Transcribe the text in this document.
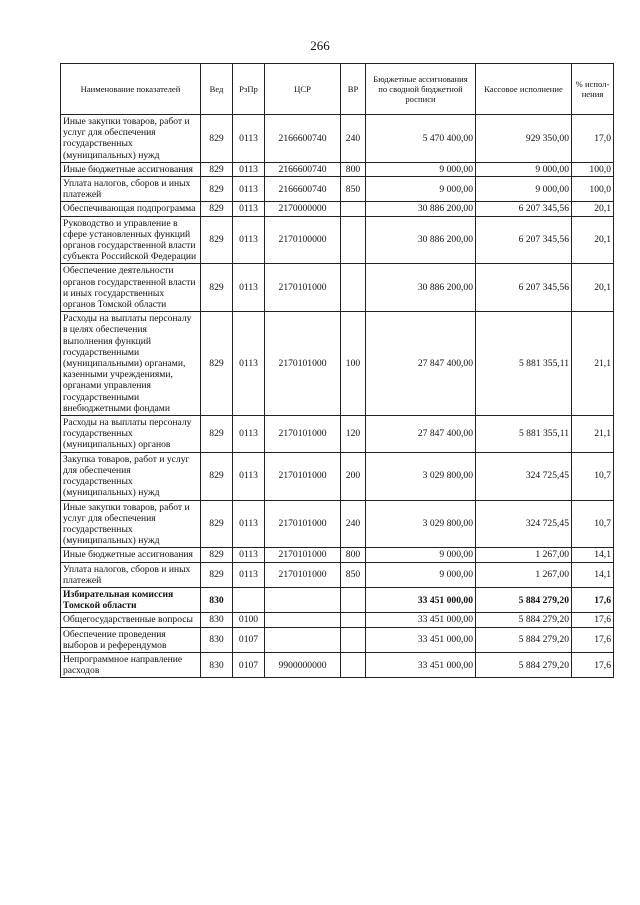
266
Наименование показателей	Вед	РзПр	ЦСР	ВР	Бюджетные ассигнования по сводной бюджетной росписи	Кассовое исполнение	% испол-нения
Иные закупки товаров, работ и услуг для обеспечения государственных (муниципальных) нужд	829	0113	2166600740	240	5 470 400,00	929 350,00	17,0
Иные бюджетные ассигнования	829	0113	2166600740	800	9 000,00	9 000,00	100,0
Уплата налогов, сборов и иных платежей	829	0113	2166600740	850	9 000,00	9 000,00	100,0
Обеспечивающая подпрограмма	829	0113	2170000000		30 886 200,00	6 207 345,56	20,1
Руководство и управление в сфере установленных функций органов государственной власти субъекта Российской Федерации	829	0113	2170100000		30 886 200,00	6 207 345,56	20,1
Обеспечение деятельности органов государственной власти и иных государственных органов Томской области	829	0113	2170101000		30 886 200,00	6 207 345,56	20,1
Расходы на выплаты персоналу в целях обеспечения выполнения функций государственными (муниципальными) органами, казенными учреждениями, органами управления государственными внебюджетными фондами	829	0113	2170101000	100	27 847 400,00	5 881 355,11	21,1
Расходы на выплаты персоналу государственных (муниципальных) органов	829	0113	2170101000	120	27 847 400,00	5 881 355,11	21,1
Закупка товаров, работ и услуг для обеспечения государственных (муниципальных) нужд	829	0113	2170101000	200	3 029 800,00	324 725,45	10,7
Иные закупки товаров, работ и услуг для обеспечения государственных (муниципальных) нужд	829	0113	2170101000	240	3 029 800,00	324 725,45	10,7
Иные бюджетные ассигнования	829	0113	2170101000	800	9 000,00	1 267,00	14,1
Уплата налогов, сборов и иных платежей	829	0113	2170101000	850	9 000,00	1 267,00	14,1
Избирательная комиссия Томской области	830				33 451 000,00	5 884 279,20	17,6
Общегосударственные вопросы	830	0100			33 451 000,00	5 884 279,20	17,6
Обеспечение проведения выборов и референдумов	830	0107			33 451 000,00	5 884 279,20	17,6
Непрограммное направление расходов	830	0107	9900000000		33 451 000,00	5 884 279,20	17,6
